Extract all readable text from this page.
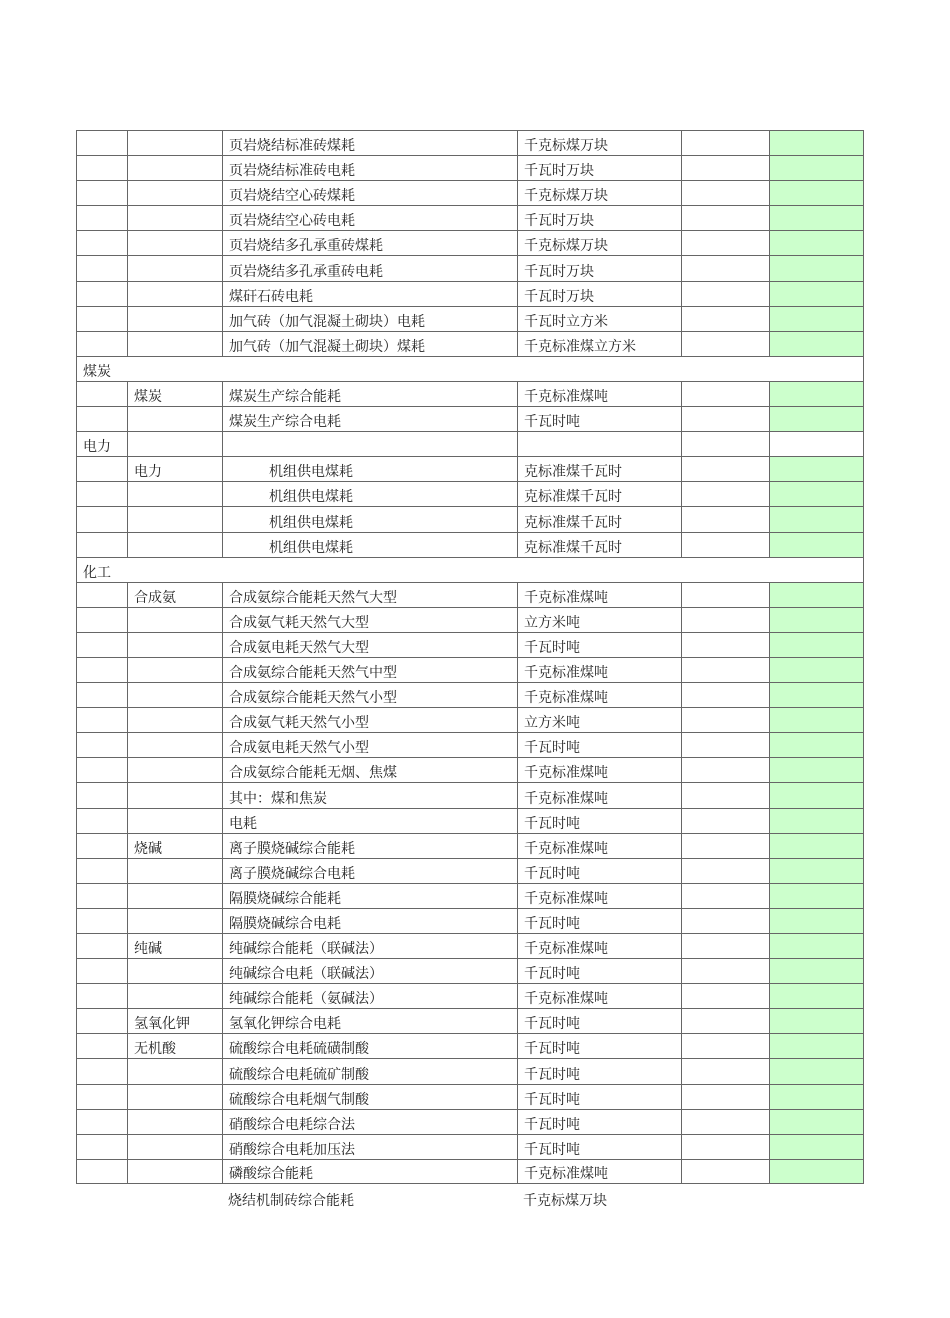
页岩烧结标准砖煤耗	千克标煤万块
页岩烧结标准砖电耗	千瓦时万块
页岩烧结空心砖煤耗	千克标煤万块
页岩烧结空心砖电耗	千瓦时万块
页岩烧结多孔承重砖煤耗	千克标煤万块
页岩烧结多孔承重砖电耗	千瓦时万块
煤矸石砖电耗	千瓦时万块
加气砖（加气混凝土砌块）电耗	千瓦时立方米
加气砖（加气混凝土砌块）煤耗	千克标准煤立方米
煤炭
煤炭	煤炭生产综合能耗	千克标准煤吨
煤炭生产综合电耗	千瓦时吨
电力
电力	机组供电煤耗	克标准煤千瓦时
机组供电煤耗	克标准煤千瓦时
机组供电煤耗	克标准煤千瓦时
机组供电煤耗	克标准煤千瓦时
化工
合成氨	合成氨综合能耗天然气大型	千克标准煤吨
合成氨气耗天然气大型	立方米吨
合成氨电耗天然气大型	千瓦时吨
合成氨综合能耗天然气中型	千克标准煤吨
合成氨综合能耗天然气小型	千克标准煤吨
合成氨气耗天然气小型	立方米吨
合成氨电耗天然气小型	千瓦时吨
合成氨综合能耗无烟、焦煤	千克标准煤吨
其中：煤和焦炭	千克标准煤吨
电耗	千瓦时吨
烧碱	离子膜烧碱综合能耗	千克标准煤吨
离子膜烧碱综合电耗	千瓦时吨
隔膜烧碱综合能耗	千克标准煤吨
隔膜烧碱综合电耗	千瓦时吨
纯碱	纯碱综合能耗（联碱法）	千克标准煤吨
纯碱综合电耗（联碱法）	千瓦时吨
纯碱综合能耗（氨碱法）	千克标准煤吨
氢氧化钾	氢氧化钾综合电耗	千瓦时吨
无机酸	硫酸综合电耗硫磺制酸	千瓦时吨
硫酸综合电耗硫矿制酸	千瓦时吨
硫酸综合电耗烟气制酸	千瓦时吨
硝酸综合电耗综合法	千瓦时吨
硝酸综合电耗加压法	千瓦时吨
磷酸综合能耗	千克标准煤吨
烧结机制砖综合能耗	千克标煤万块
